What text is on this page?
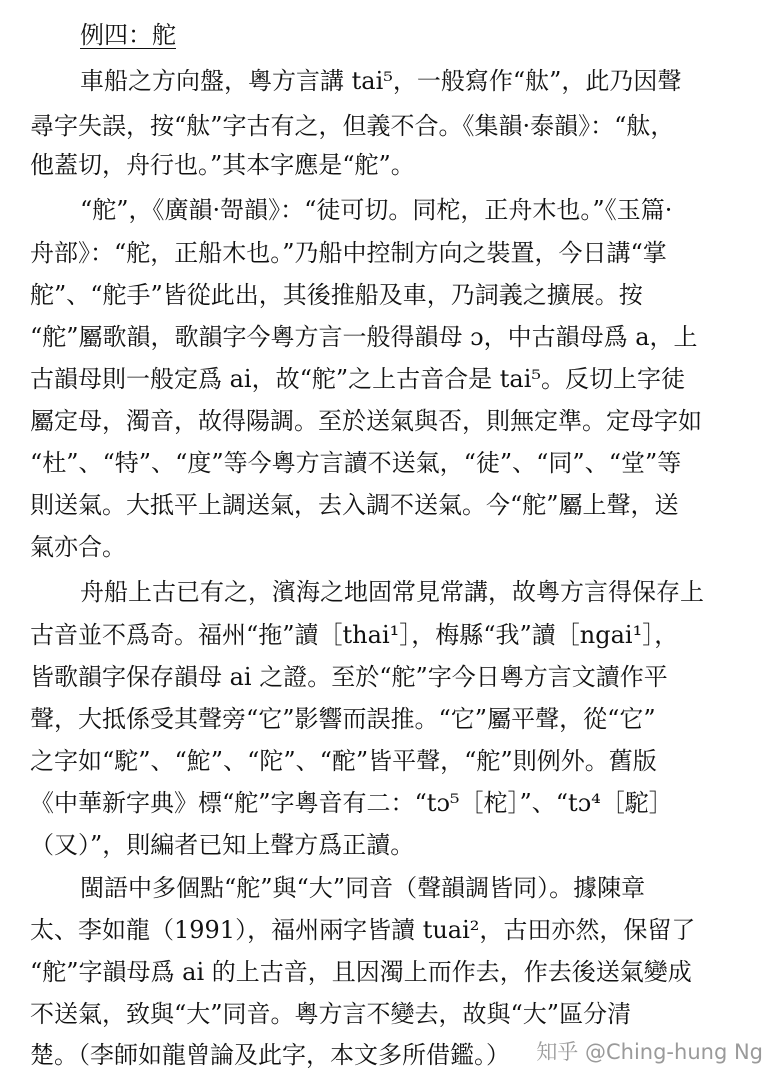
例四：舵
車船之方向盤，粵方言講 tai⁵，一般寫作“舦”，此乃因聲
尋字失誤，按“舦”字古有之，但義不合。《集韻·泰韻》：“舦，
他蓋切，舟行也。”其本字應是“舵”。
“舵”，《廣韻·哿韻》：“徒可切。同柁，正舟木也。”《玉篇·
舟部》：“舵，正船木也。”乃船中控制方向之裝置，今日講“掌
舵”、“舵手”皆從此出，其後推船及車，乃詞義之擴展。按
“舵”屬歌韻，歌韻字今粵方言一般得韻母 ɔ，中古韻母爲 a，上
古韻母則一般定爲 ai，故“舵”之上古音合是 tai⁵。反切上字徒
屬定母，濁音，故得陽調。至於送氣與否，則無定準。定母字如
“杜”、“特”、“度”等今粵方言讀不送氣，“徒”、“同”、“堂”等
則送氣。大抵平上調送氣，去入調不送氣。今“舵”屬上聲，送
氣亦合。
舟船上古已有之，濱海之地固常見常講，故粵方言得保存上
古音並不爲奇。福州“拖”讀［thai¹］，梅縣“我”讀［ngai¹］，
皆歌韻字保存韻母 ai 之證。至於“舵”字今日粵方言文讀作平
聲，大抵係受其聲旁“它”影響而誤推。“它”屬平聲，從“它”
之字如“駝”、“鮀”、“陀”、“酡”皆平聲，“舵”則例外。舊版
《中華新字典》標“舵”字粵音有二：“tɔ⁵［柁］”、“tɔ⁴［駝］
（又）”，則編者已知上聲方爲正讀。
閩語中多個點“舵”與“大”同音（聲韻調皆同）。據陳章
太、李如龍（1991），福州兩字皆讀 tuai²，古田亦然，保留了
“舵”字韻母爲 ai 的上古音，且因濁上而作去，作去後送氣變成
不送氣，致與“大”同音。粵方言不變去，故與“大”區分清
楚。（李師如龍曾論及此字，本文多所借鑑。）	知乎 @Ching-hung Ng
